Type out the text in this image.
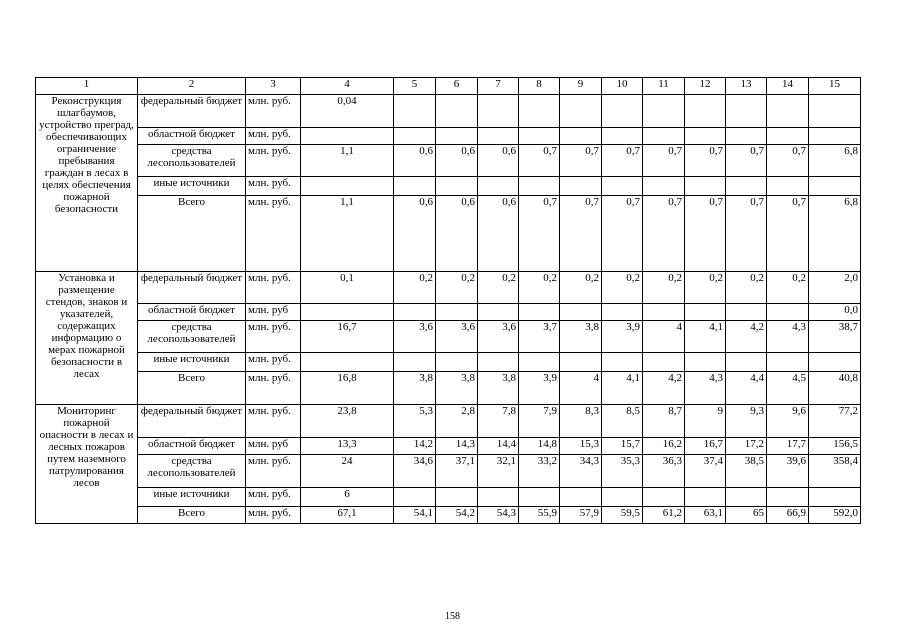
1	2	3	4	5	6	7	8	9	10	11	12	13	14	15
Реконструкция шлагбаумов, устройство преград, обеспечивающих ограничение пребывания граждан в лесах в целях обеспечения пожарной безопасности	федеральный бюджет	млн. руб.	0,04											
	областной бюджет	млн. руб.												
	средства лесопользователей	млн. руб.	1,1	0,6	0,6	0,6	0,7	0,7	0,7	0,7	0,7	0,7	0,7	6,8
	иные источники	млн. руб.												
	Всего	млн. руб.	1,1	0,6	0,6	0,6	0,7	0,7	0,7	0,7	0,7	0,7	0,7	6,8
Установка и размещение стендов, знаков и указателей, содержащих информацию о мерах пожарной безопасности в лесах	федеральный бюджет	млн. руб.	0,1	0,2	0,2	0,2	0,2	0,2	0,2	0,2	0,2	0,2	0,2	2,0
	областной бюджет	млн. руб												0,0
	средства лесопользователей	млн. руб.	16,7	3,6	3,6	3,6	3,7	3,8	3,9	4	4,1	4,2	4,3	38,7
	иные источники	млн. руб.												
	Всего	млн. руб.	16,8	3,8	3,8	3,8	3,9	4	4,1	4,2	4,3	4,4	4,5	40,8
Мониторинг пожарной опасности в лесах и лесных пожаров путем наземного патрулирования лесов	федеральный бюджет	млн. руб.	23,8	5,3	2,8	7,8	7,9	8,3	8,5	8,7	9	9,3	9,6	77,2
	областной бюджет	млн. руб	13,3	14,2	14,3	14,4	14,8	15,3	15,7	16,2	16,7	17,2	17,7	156,5
	средства лесопользователей	млн. руб.	24	34,6	37,1	32,1	33,2	34,3	35,3	36,3	37,4	38,5	39,6	358,4
	иные источники	млн. руб.	6											
	Всего	млн. руб.	67,1	54,1	54,2	54,3	55,9	57,9	59,5	61,2	63,1	65	66,9	592,0
158
